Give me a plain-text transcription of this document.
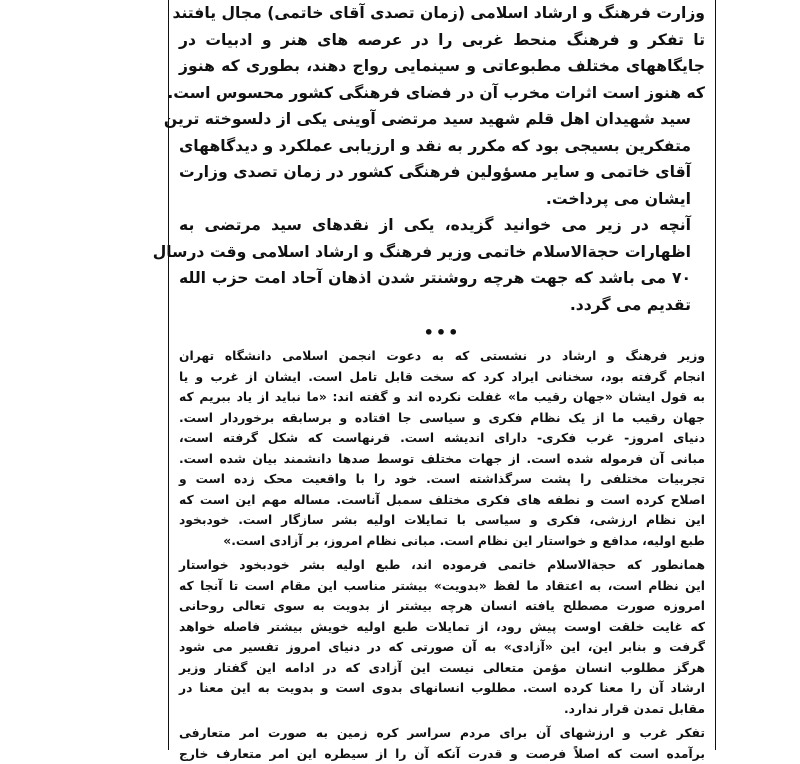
وزارت فرهنگ و ارشاد اسلامی (زمان تصدی آقای خاتمی) مجال یافتند
تا تفکر و فرهنگ منحط غربی را در عرصه های هنر و ادبیات در
جایگاههای مختلف مطبوعاتی و سینمایی رواج دهند، بطوری که هنوز
که هنوز است اثرات مخرب آن در فضای فرهنگی کشور محسوس است.

سید شهیدان اهل قلم شهید سید مرتضی آوینی یکی از دلسوخته ترین
متفکرین بسیجی بود که مکرر به نقد و ارزیابی عملکرد و دیدگاههای
آقای خاتمی و سایر مسؤولین فرهنگی کشور در زمان تصدی وزارت
ایشان می پرداخت.

آنچه در زیر می خوانید گزیده، یکی از نقدهای سید مرتضی به
اظهارات حجةالاسلام خاتمی وزیر فرهنگ و ارشاد اسلامی وقت درسال
۷۰ می باشد که جهت هرچه روشنتر شدن اذهان آحاد امت حزب الله
تقدیم می گردد.

•••

وزیر فرهنگ و ارشاد در نشستی که به دعوت انجمن اسلامی دانشگاه تهران
انجام گرفته بود، سخنانی ایراد کرد که سخت قابل تامل است. ایشان از غرب و یا
به قول ایشان «جهان رقیب ما» غفلت نکرده اند و گفته اند: «ما نباید از یاد ببریم که
جهان رقیب ما از یک نظام فکری و سیاسی جا افتاده و برسابقه برخوردار است.
دنیای امروز- غرب فکری- دارای اندیشه است. قرنهاست که شکل گرفته است،
مبانی آن فرموله شده است. از جهات مختلف توسط صدها دانشمند بیان شده است.
تجربیات مختلفی را پشت سرگذاشته است. خود را با واقعیت محک زده است و
اصلاح کرده است و نطفه های فکری مختلف سمبل آناست. مساله مهم این است که
این نظام ارزشی، فکری و سیاسی با تمایلات اولیه بشر سازگار است. خودبخود
طبع اولیه، مدافع و خواستار این نظام است. مبانی نظام امروز، بر آزادی است.»

همانطور که حجةالاسلام خاتمی فرموده اند، طبع اولیه بشر خودبخود خواستار
این نظام است، به اعتقاد ما لفظ «بدویت» بیشتر مناسب این مقام است تا آنجا که
امروزه صورت مصطلح یافته انسان هرچه بیشتر از بدویت به سوی تعالی روحانی
که غایت خلقت اوست پیش رود، از تمایلات طبع اولیه خویش بیشتر فاصله خواهد
گرفت و بنابر این، این «آزادی» به آن صورتی که در دنیای امروز تفسیر می شود
هرگز مطلوب انسان مؤمن متعالی نیست این آزادی که در ادامه این گفتار وزیر
ارشاد آن را معنا کرده است. مطلوب انسانهای بدوی است و بدویت به این معنا در
مقابل تمدن قرار ندارد.

تفکر غرب و ارزشهای آن برای مردم سراسر کره زمین به صورت امر متعارفی
برآمده است که اصلاً فرصت و قدرت آنکه آن را از سیطره این امر متعارف خارج
